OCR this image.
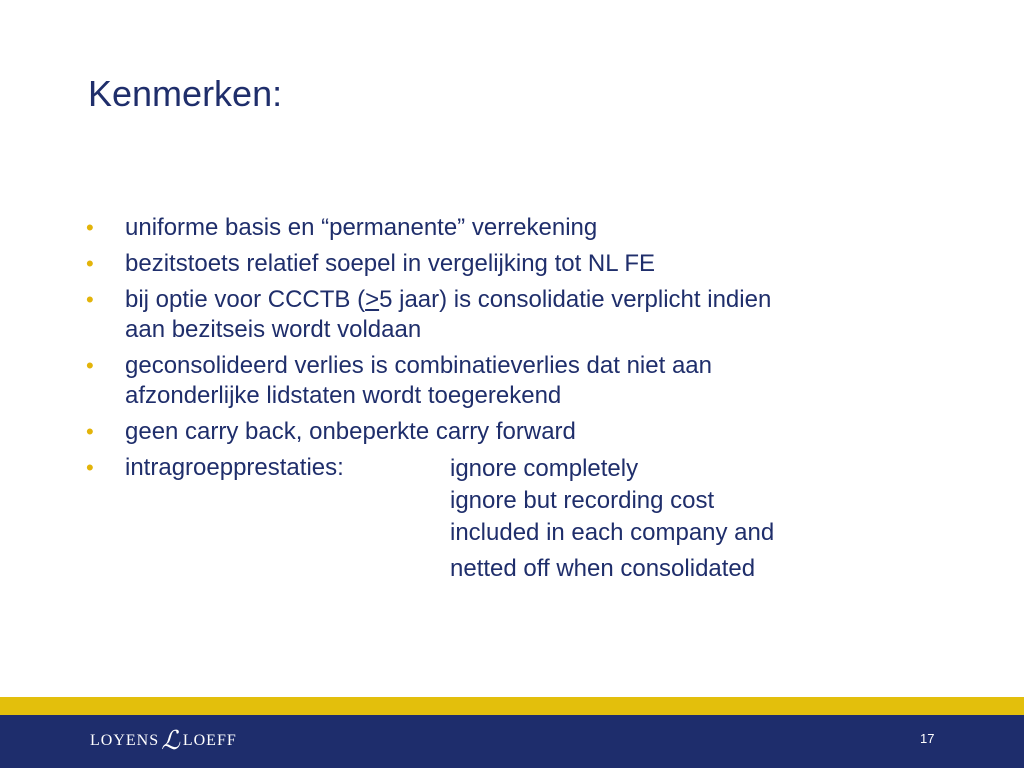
Kenmerken:
• uniforme basis en “permanente” verrekening
• bezitstoets relatief soepel in vergelijking tot NL FE
• bij optie voor CCCTB (>5 jaar) is consolidatie verplicht indien
aan bezitseis wordt voldaan
• geconsolideerd verlies is combinatieverlies dat niet aan
afzonderlijke lidstaten wordt toegerekend
• geen carry back, onbeperkte carry forward
• intragroepprestaties:	ignore completely
ignore but recording cost
included in each company and
netted off when consolidated
LOYENS ℒ LOEFF	17
